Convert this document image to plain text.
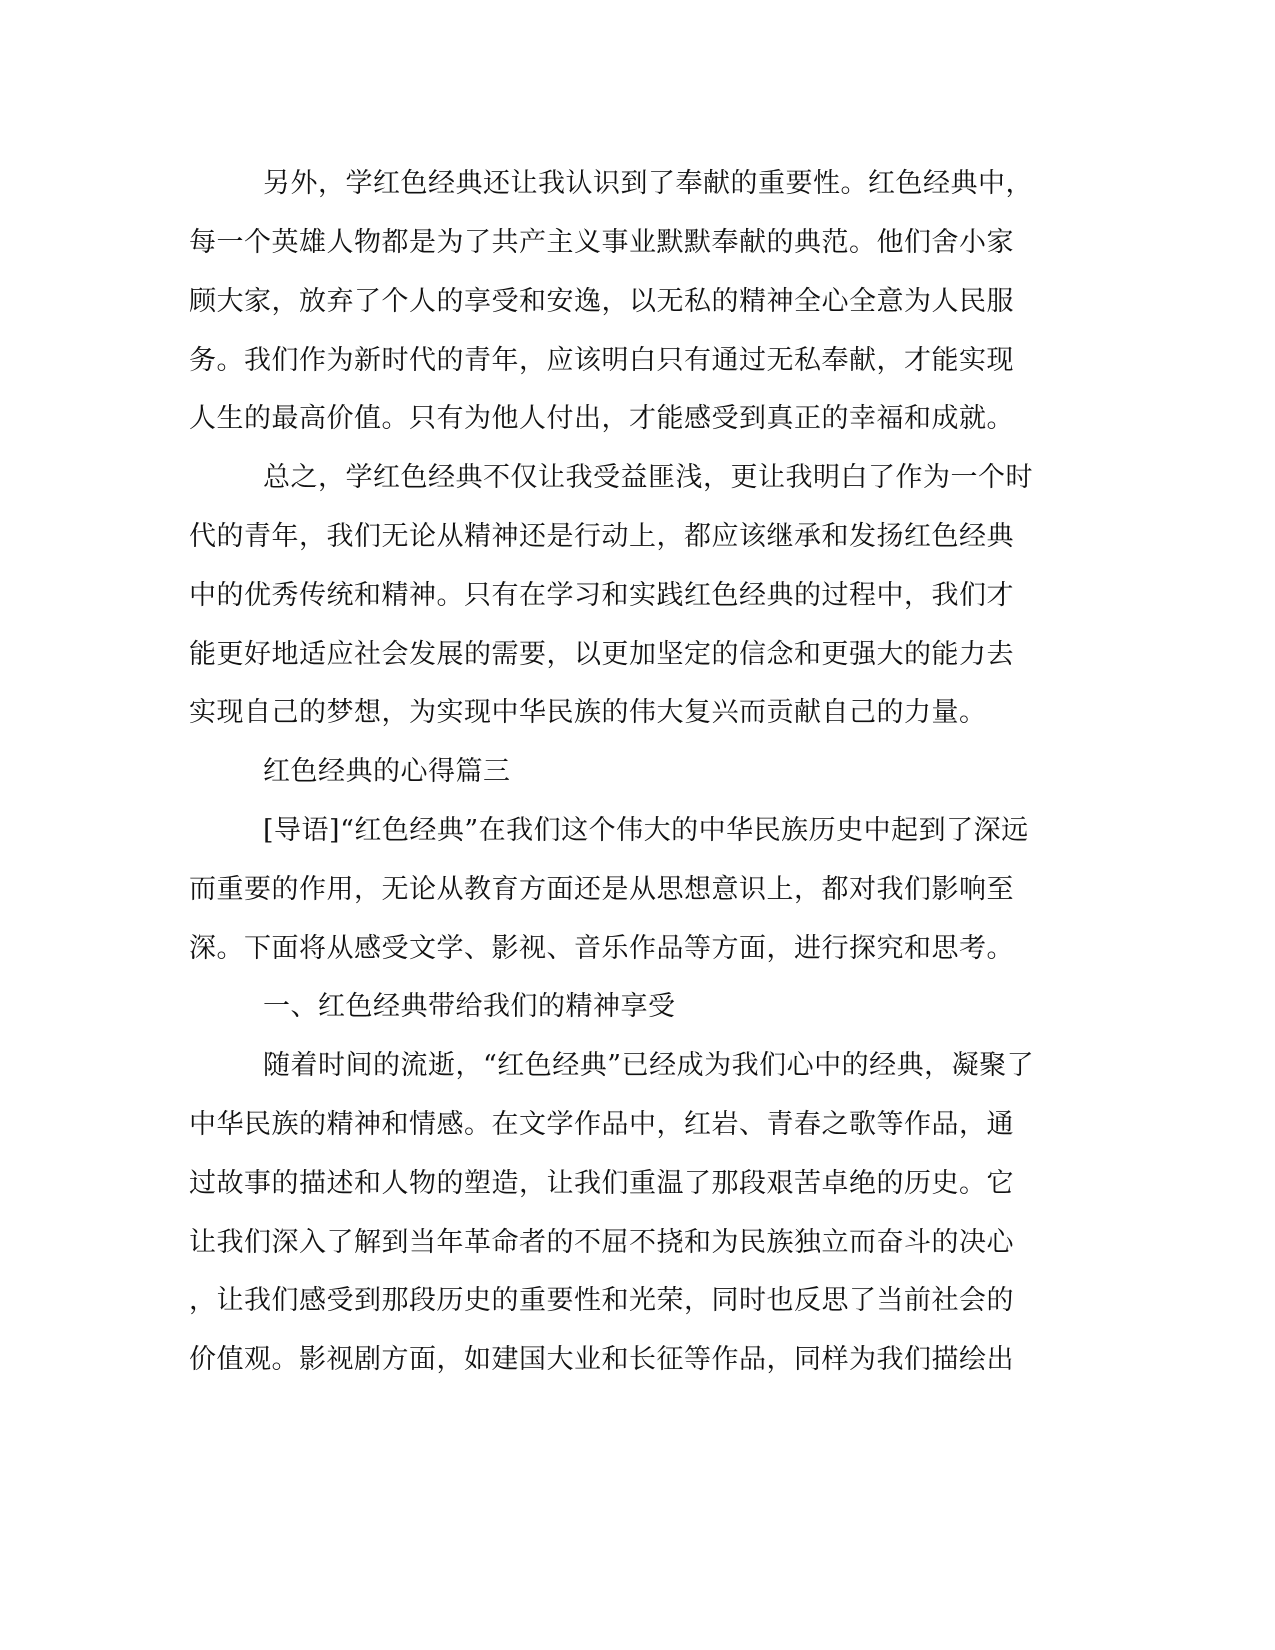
另外，学红色经典还让我认识到了奉献的重要性。红色经典中，
每一个英雄人物都是为了共产主义事业默默奉献的典范。他们舍小家
顾大家，放弃了个人的享受和安逸，以无私的精神全心全意为人民服
务。我们作为新时代的青年，应该明白只有通过无私奉献，才能实现
人生的最高价值。只有为他人付出，才能感受到真正的幸福和成就。
总之，学红色经典不仅让我受益匪浅，更让我明白了作为一个时
代的青年，我们无论从精神还是行动上，都应该继承和发扬红色经典
中的优秀传统和精神。只有在学习和实践红色经典的过程中，我们才
能更好地适应社会发展的需要，以更加坚定的信念和更强大的能力去
实现自己的梦想，为实现中华民族的伟大复兴而贡献自己的力量。
红色经典的心得篇三
[导语]“红色经典”在我们这个伟大的中华民族历史中起到了深远
而重要的作用，无论从教育方面还是从思想意识上，都对我们影响至
深。下面将从感受文学、影视、音乐作品等方面，进行探究和思考。
一、红色经典带给我们的精神享受
随着时间的流逝，“红色经典”已经成为我们心中的经典，凝聚了
中华民族的精神和情感。在文学作品中，红岩、青春之歌等作品，通
过故事的描述和人物的塑造，让我们重温了那段艰苦卓绝的历史。它
让我们深入了解到当年革命者的不屈不挠和为民族独立而奋斗的决心
，让我们感受到那段历史的重要性和光荣，同时也反思了当前社会的
价值观。影视剧方面，如建国大业和长征等作品，同样为我们描绘出
